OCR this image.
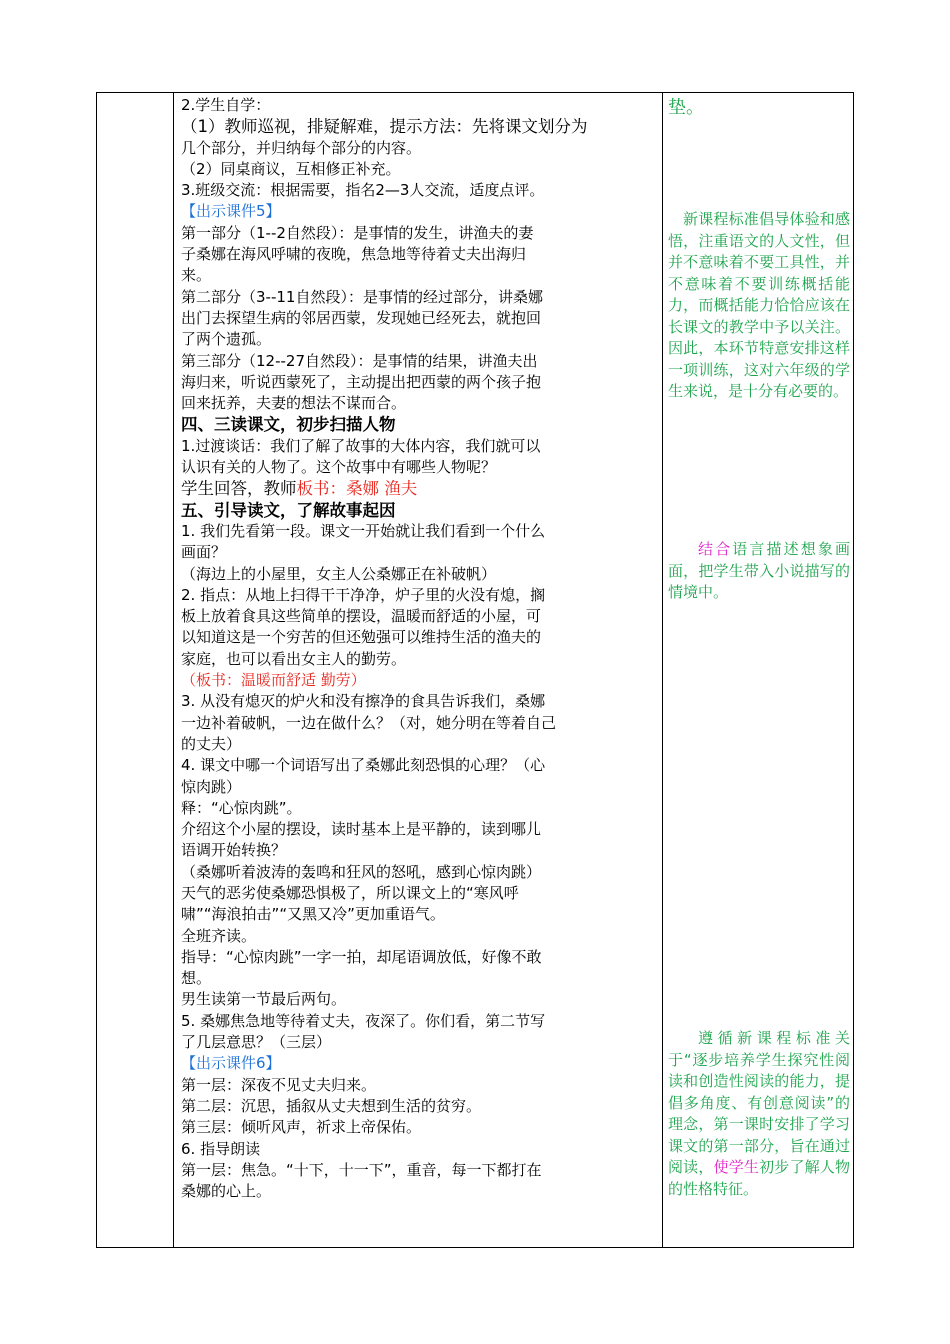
2.学生自学：

（1）教师巡视，排疑解难，提示方法：先将课文划分为

几个部分，并归纳每个部分的内容。

（2）同桌商议，互相修正补充。

3.班级交流：根据需要，指名2—3人交流，适度点评。

【出示课件5】

第一部分（1--2自然段）：是事情的发生，讲渔夫的妻

子桑娜在海风呼啸的夜晚，焦急地等待着丈夫出海归

来。

第二部分（3--11自然段）：是事情的经过部分，讲桑娜

出门去探望生病的邻居西蒙，发现她已经死去，就抱回

了两个遗孤。

第三部分（12--27自然段）：是事情的结果，讲渔夫出

海归来，听说西蒙死了，主动提出把西蒙的两个孩子抱

回来抚养，夫妻的想法不谋而合。

四、三读课文，初步扫描人物

1.过渡谈话：我们了解了故事的大体内容，我们就可以

认识有关的人物了。这个故事中有哪些人物呢？

学生回答，教师板书：桑娜 渔夫

五、引导读文，了解故事起因

1. 我们先看第一段。课文一开始就让我们看到一个什么

画面？

（海边上的小屋里，女主人公桑娜正在补破帆）

2. 指点：从地上扫得干干净净，炉子里的火没有熄，搁

板上放着食具这些简单的摆设，温暖而舒适的小屋，可

以知道这是一个穷苦的但还勉强可以维持生活的渔夫的

家庭，也可以看出女主人的勤劳。

（板书：温暖而舒适 勤劳）

3. 从没有熄灭的炉火和没有擦净的食具告诉我们，桑娜

一边补着破帆，一边在做什么？（对，她分明在等着自己

的丈夫）

4. 课文中哪一个词语写出了桑娜此刻恐惧的心理？（心

惊肉跳）

释：“心惊肉跳”。

介绍这个小屋的摆设，读时基本上是平静的，读到哪儿

语调开始转换？

（桑娜听着波涛的轰鸣和狂风的怒吼，感到心惊肉跳）

天气的恶劣使桑娜恐惧极了，所以课文上的“寒风呼

啸”“海浪拍击”“又黑又冷”更加重语气。

全班齐读。

指导：“心惊肉跳”一字一拍，却尾语调放低，好像不敢

想。

男生读第一节最后两句。

5. 桑娜焦急地等待着丈夫，夜深了。你们看，第二节写

了几层意思？（三层）

【出示课件6】

第一层：深夜不见丈夫归来。

第二层：沉思，插叙从丈夫想到生活的贫穷。

第三层：倾听风声，祈求上帝保佑。

6. 指导朗读

第一层：焦急。“十下，十一下”，重音，每一下都打在

桑娜的心上。

垫。
新课程标准倡导体验和感悟，注重语文的人文性，但并不意味着不要工具性，并不意味着不要训练概括能力，而概括能力恰恰应该在长课文的教学中予以关注。因此，本环节特意安排这样一项训练，这对六年级的学生来说，是十分有必要的。
结合语言描述想象画面，把学生带入小说描写的情境中。
遵循新课程标准关于“逐步培养学生探究性阅读和创造性阅读的能力，提倡多角度、有创意阅读”的理念，第一课时安排了学习课文的第一部分，旨在通过阅读，使学生初步了解人物的性格特征。
